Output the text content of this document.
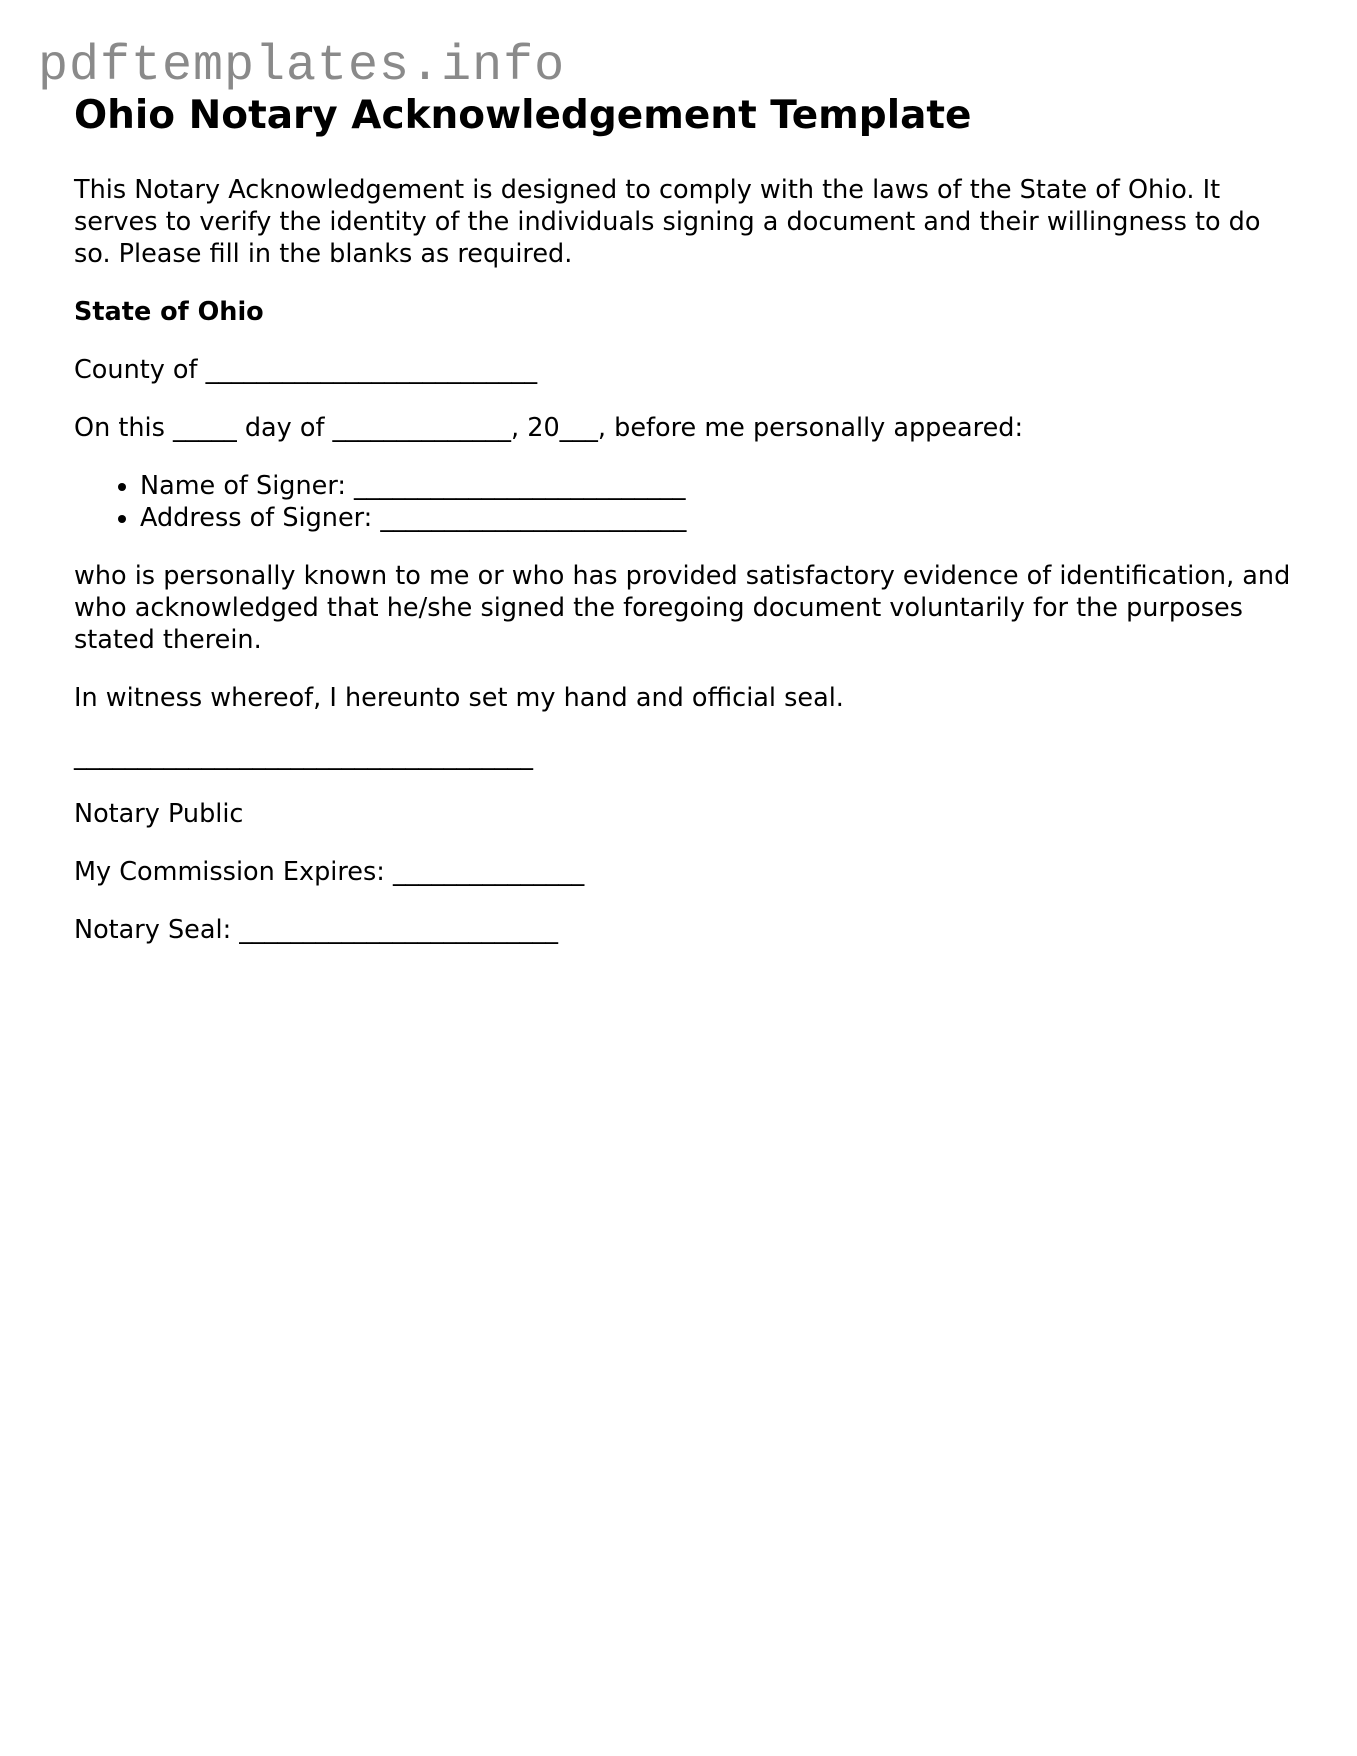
pdftemplates.info
Ohio Notary Acknowledgement Template

This Notary Acknowledgement is designed to comply with the laws of the State of Ohio. It serves to verify the identity of the individuals signing a document and their willingness to do so. Please fill in the blanks as required.

State of Ohio

County of __________________________

On this _____ day of ______________, 20___, before me personally appeared:

• Name of Signer: __________________________
• Address of Signer: ________________________

who is personally known to me or who has provided satisfactory evidence of identification, and who acknowledged that he/she signed the foregoing document voluntarily for the purposes stated therein.

In witness whereof, I hereunto set my hand and official seal.

____________________________________

Notary Public

My Commission Expires: _______________

Notary Seal: _________________________
